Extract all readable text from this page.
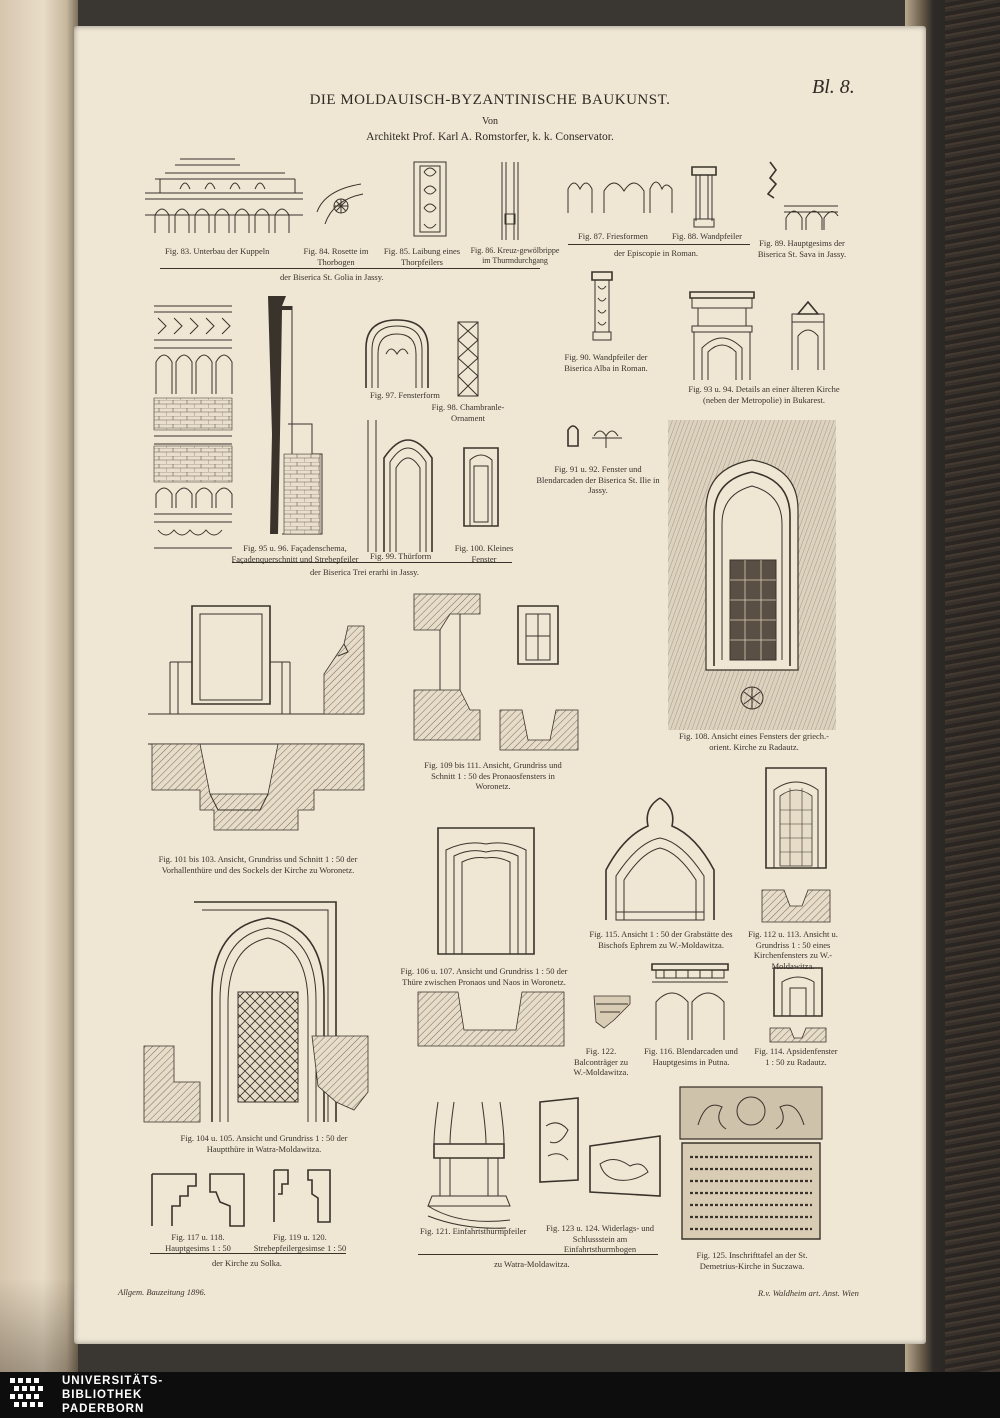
DIE MOLDAUISCH-BYZANTINISCHE BAUKUNST.
Von
Architekt Prof. Karl A. Romstorfer, k. k. Conservator.
Bl. 8.
Fig. 83. Unterbau der Kuppeln	Fig. 84. Rosette im Thorbogen
Fig. 85. Laibung eines Thorpfeilers
Fig. 86. Kreuz-gewölbrippe im Thurmdurchgang
der Biserica St. Golia in Jassy.
Fig. 87. Friesformen	Fig. 88. Wandpfeiler
der Episcopie in Roman.
Fig. 89. Hauptgesims der Biserica St. Sava in Jassy.
Fig. 95 u. 96. Façadenschema, Façadenquerschnitt und Strebepfeiler
Fig. 97. Fensterform
Fig. 98. Chambranle-Ornament
Fig. 99. Thürform
Fig. 100. Kleines Fenster
der Biserica Trei erarhi in Jassy.
Fig. 90. Wandpfeiler der Biserica Alba in Roman.
Fig. 93 u. 94. Details an einer älteren Kirche (neben der Metropolie) in Bukarest.
Fig. 91 u. 92. Fenster und Blendarcaden der Biserica St. Ilie in Jassy.
Fig. 108. Ansicht eines Fensters der griech.-orient. Kirche zu Radautz.
Fig. 101 bis 103. Ansicht, Grundriss und Schnitt 1 : 50 der Vorhallenthüre und des Sockels der Kirche zu Woronetz.
Fig. 109 bis 111. Ansicht, Grundriss und Schnitt 1 : 50 des Pronaosfensters in Woronetz.
Fig. 106 u. 107. Ansicht und Grundriss 1 : 50 der Thüre zwischen Pronaos und Naos in Woronetz.
Fig. 115. Ansicht 1 : 50 der Grabstätte des Bischofs Ephrem zu W.-Moldawitza.
Fig. 112 u. 113. Ansicht u. Grundriss 1 : 50 eines Kirchenfensters zu W.-Moldawitza.
Fig. 104 u. 105. Ansicht und Grundriss 1 : 50 der Hauptthüre in Watra-Moldawitza.
Fig. 122. Balconträger zu W.-Moldawitza.
Fig. 116. Blendarcaden und Hauptgesims in Putna.
Fig. 114. Apsidenfenster 1 : 50 zu Radautz.
Fig. 117 u. 118. Hauptgesims 1 : 50
Fig. 119 u. 120. Strebepfeilergesimse 1 : 50
der Kirche zu Solka.
Fig. 121. Einfahrtsthurmpfeiler	Fig. 123 u. 124. Widerlags- und Schlussstein am Einfahrtsthurmbogen
zu Watra-Moldawitza.
Fig. 125. Inschrifttafel an der St. Demetrius-Kirche in Suczawa.
Allgem. Bauzeitung 1896.	R.v. Waldheim art. Anst. Wien
UNIVERSITÄTS-
BIBLIOTHEK
PADERBORN
